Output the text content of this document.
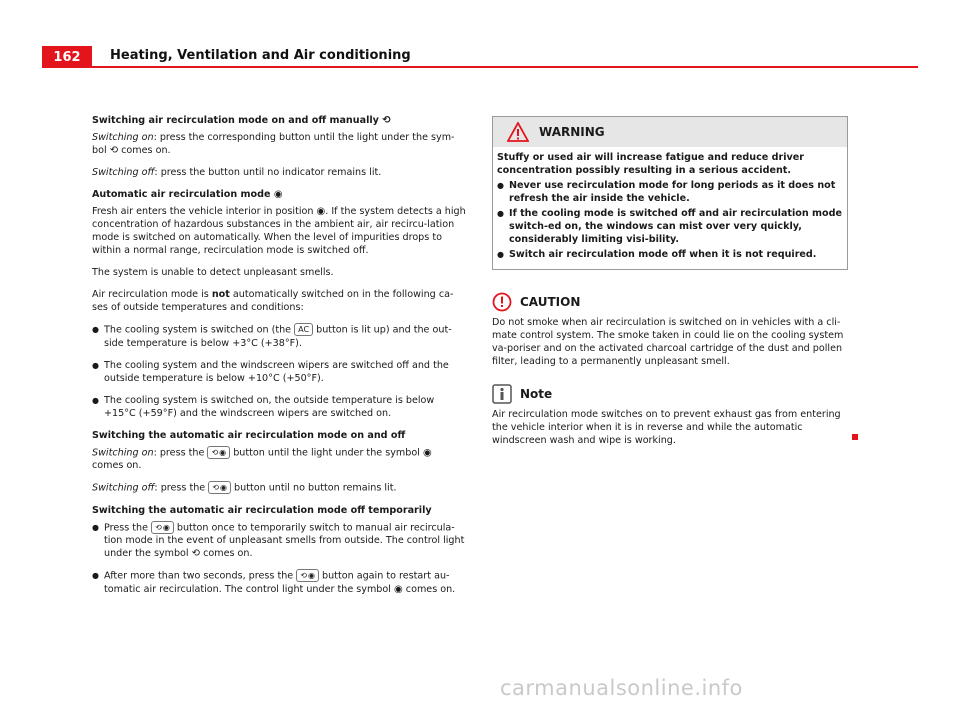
162	Heating, Ventilation and Air conditioning

Switching air recirculation mode on and off manually ⟲

Switching on: press the corresponding button until the light under the sym-bol ⟲ comes on.

Switching off: press the button until no indicator remains lit.

Automatic air recirculation mode ◉

Fresh air enters the vehicle interior in position ◉. If the system detects a high concentration of hazardous substances in the ambient air, air recircu-lation mode is switched on automatically. When the level of impurities drops to within a normal range, recirculation mode is switched off.

The system is unable to detect unpleasant smells.

Air recirculation mode is not automatically switched on in the following ca-ses of outside temperatures and conditions:

● The cooling system is switched on (the AC button is lit up) and the out-side temperature is below +3°C (+38°F).

● The cooling system and the windscreen wipers are switched off and the outside temperature is below +10°C (+50°F).

● The cooling system is switched on, the outside temperature is below +15°C (+59°F) and the windscreen wipers are switched on.

Switching the automatic air recirculation mode on and off

Switching on: press the ⟲ ◉ button until the light under the symbol ◉ comes on.

Switching off: press the ⟲ ◉ button until no button remains lit.

Switching the automatic air recirculation mode off temporarily

● Press the ⟲ ◉ button once to temporarily switch to manual air recircula-tion mode in the event of unpleasant smells from outside. The control light under the symbol ⟲ comes on.

● After more than two seconds, press the ⟲ ◉ button again to restart au-tomatic air recirculation. The control light under the symbol ◉ comes on.

WARNING

Stuffy or used air will increase fatigue and reduce driver concentration possibly resulting in a serious accident.

● Never use recirculation mode for long periods as it does not refresh the air inside the vehicle.

● If the cooling mode is switched off and air recirculation mode switch-ed on, the windows can mist over very quickly, considerably limiting visi-bility.

● Switch air recirculation mode off when it is not required.

CAUTION

Do not smoke when air recirculation is switched on in vehicles with a cli-mate control system. The smoke taken in could lie on the cooling system va-poriser and on the activated charcoal cartridge of the dust and pollen filter, leading to a permanently unpleasant smell.

Note

Air recirculation mode switches on to prevent exhaust gas from entering the vehicle interior when it is in reverse and while the automatic windscreen wash and wipe is working.

carmanualsonline.info
